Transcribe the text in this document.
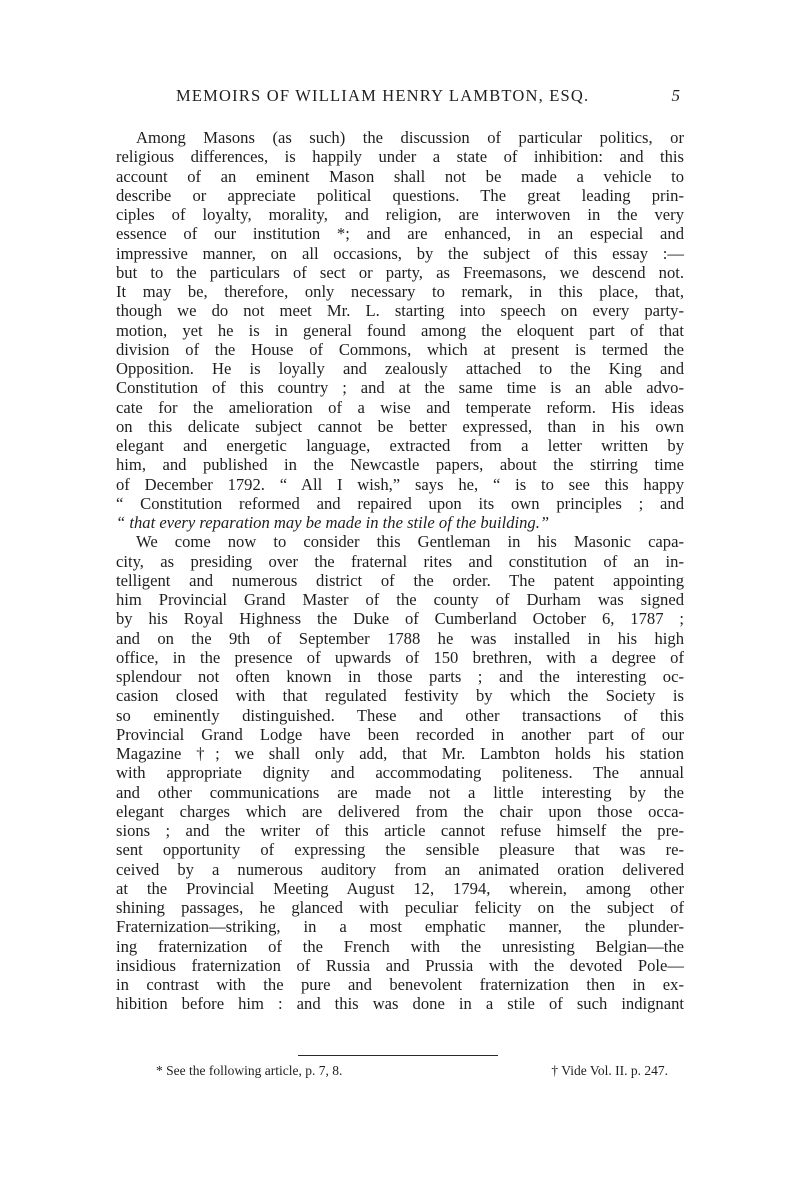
MEMOIRS OF WILLIAM HENRY LAMBTON, ESQ.	5
Among Masons (as such) the discussion of particular politics, or
religious differences, is happily under a state of inhibition: and this
account of an eminent Mason shall not be made a vehicle to
describe or appreciate political questions. The great leading prin-
ciples of loyalty, morality, and religion, are interwoven in the very
essence of our institution *; and are enhanced, in an especial and
impressive manner, on all occasions, by the subject of this essay :—
but to the particulars of sect or party, as Freemasons, we descend not.
It may be, therefore, only necessary to remark, in this place, that,
though we do not meet Mr. L. starting into speech on every party-
motion, yet he is in general found among the eloquent part of that
division of the House of Commons, which at present is termed the
Opposition. He is loyally and zealously attached to the King and
Constitution of this country ; and at the same time is an able advo-
cate for the amelioration of a wise and temperate reform. His ideas
on this delicate subject cannot be better expressed, than in his own
elegant and energetic language, extracted from a letter written by
him, and published in the Newcastle papers, about the stirring time
of December 1792. “ All I wish,” says he, “ is to see this happy
“ Constitution reformed and repaired upon its own principles ; and
“ that every reparation may be made in the stile of the building.”
We come now to consider this Gentleman in his Masonic capa-
city, as presiding over the fraternal rites and constitution of an in-
telligent and numerous district of the order. The patent appointing
him Provincial Grand Master of the county of Durham was signed
by his Royal Highness the Duke of Cumberland October 6, 1787 ;
and on the 9th of September 1788 he was installed in his high
office, in the presence of upwards of 150 brethren, with a degree of
splendour not often known in those parts ; and the interesting oc-
casion closed with that regulated festivity by which the Society is
so eminently distinguished. These and other transactions of this
Provincial Grand Lodge have been recorded in another part of our
Magazine †; we shall only add, that Mr. Lambton holds his station
with appropriate dignity and accommodating politeness. The annual
and other communications are made not a little interesting by the
elegant charges which are delivered from the chair upon those occa-
sions ; and the writer of this article cannot refuse himself the pre-
sent opportunity of expressing the sensible pleasure that was re-
ceived by a numerous auditory from an animated oration delivered
at the Provincial Meeting August 12, 1794, wherein, among other
shining passages, he glanced with peculiar felicity on the subject of
Fraternization—striking, in a most emphatic manner, the plunder-
ing fraternization of the French with the unresisting Belgian—the
insidious fraternization of Russia and Prussia with the devoted Pole—
in contrast with the pure and benevolent fraternization then in ex-
hibition before him : and this was done in a stile of such indignant
* See the following article, p. 7, 8.	† Vide Vol. II. p. 247.
